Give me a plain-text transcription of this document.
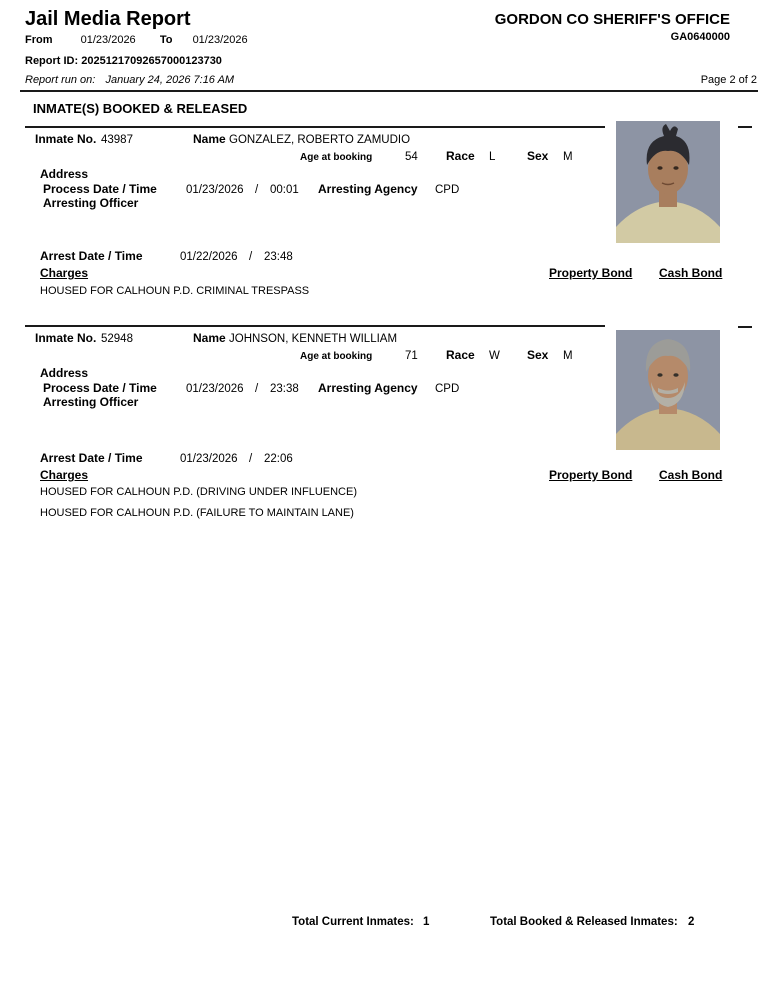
Jail Media Report
From	01/23/2026 To 01/23/2026
GORDON CO SHERIFF'S OFFICE
GA0640000
Report ID: 20251217092657000123730
Report run on: January 24, 2026 7:16 AM	Page 2 of 2
INMATE(S) BOOKED & RELEASED
Inmate No. 43987	Name GONZALEZ, ROBERTO ZAMUDIO
Age at booking	54 Race L	Sex M
Address
Process Date / Time	01/23/2026 / 00:01 Arresting Agency CPD
Arresting Officer
Arrest Date / Time	01/22/2026 / 23:48
Charges	Property Bond Cash Bond
HOUSED FOR CALHOUN P.D. CRIMINAL TRESPASS
Inmate No. 52948	Name JOHNSON, KENNETH WILLIAM
Age at booking	71 Race W Sex M
Address
Process Date / Time	01/23/2026 / 23:38 Arresting Agency CPD
Arresting Officer
Arrest Date / Time	01/23/2026 / 22:06
Charges	Property Bond Cash Bond
HOUSED FOR CALHOUN P.D. (DRIVING UNDER INFLUENCE)
HOUSED FOR CALHOUN P.D. (FAILURE TO MAINTAIN LANE)
Total Current Inmates: 1	Total Booked & Released Inmates: 2
